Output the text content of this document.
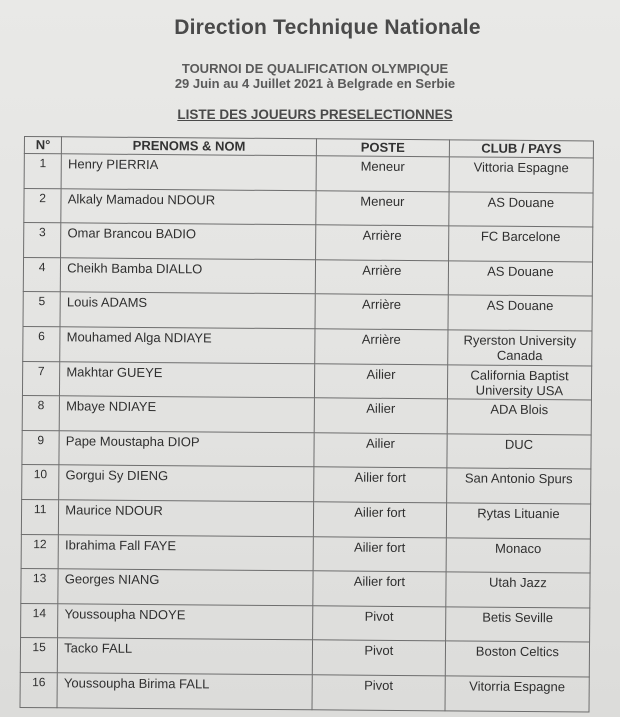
Direction Technique Nationale
TOURNOI DE QUALIFICATION OLYMPIQUE
29 Juin au 4 Juillet 2021 à Belgrade en Serbie
LISTE DES JOUEURS PRESELECTIONNES
N°	PRENOMS & NOM	POSTE	CLUB / PAYS
1	Henry PIERRIA	Meneur	Vittoria Espagne
2	Alkaly Mamadou NDOUR	Meneur	AS Douane
3	Omar Brancou BADIO	Arrière	FC Barcelone
4	Cheikh Bamba DIALLO	Arrière	AS Douane
5	Louis ADAMS	Arrière	AS Douane
6	Mouhamed Alga NDIAYE	Arrière	Ryerston University Canada
7	Makhtar GUEYE	Ailier	California Baptist University USA
8	Mbaye NDIAYE	Ailier	ADA Blois
9	Pape Moustapha DIOP	Ailier	DUC
10	Gorgui Sy DIENG	Ailier fort	San Antonio Spurs
11	Maurice NDOUR	Ailier fort	Rytas Lituanie
12	Ibrahima Fall FAYE	Ailier fort	Monaco
13	Georges NIANG	Ailier fort	Utah Jazz
14	Youssoupha NDOYE	Pivot	Betis Seville
15	Tacko FALL	Pivot	Boston Celtics
16	Youssoupha Birima FALL	Pivot	Vitorria Espagne
